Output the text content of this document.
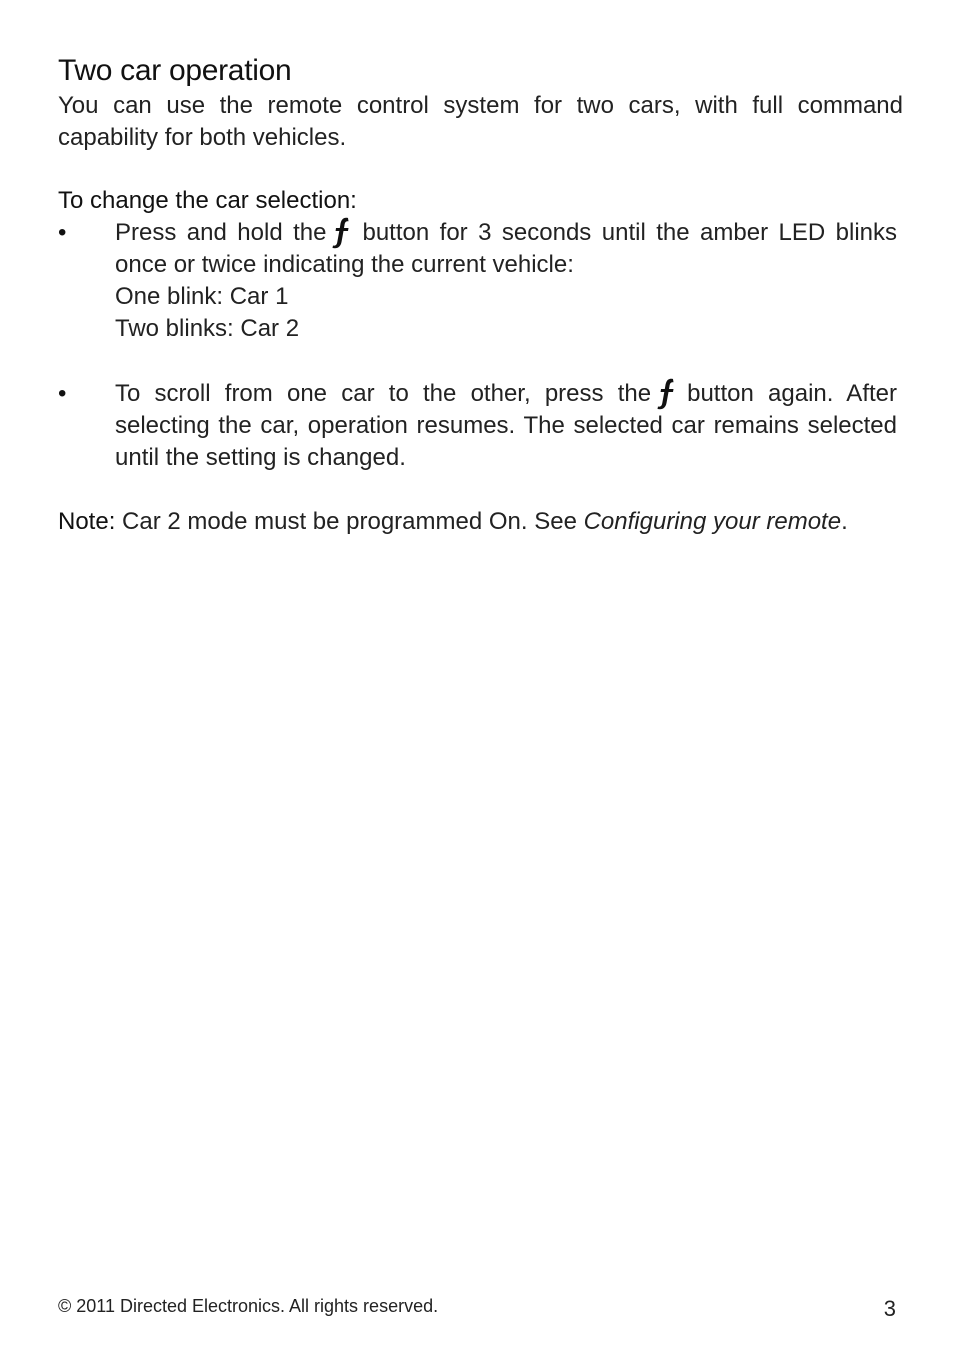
Two car operation

You can use the remote control system for two cars, with full command capability for both vehicles.

To change the car selection:

•	Press and hold the button for 3 seconds until the amber LED blinks once or twice indicating the current vehicle:

One blink: Car 1

Two blinks: Car 2

•	To scroll from one car to the other, press the button again. After selecting the car, operation resumes. The selected car remains selected until the setting is changed.

Note: Car 2 mode must be programmed On. See Configuring your remote.

© 2011 Directed Electronics. All rights reserved.	3
